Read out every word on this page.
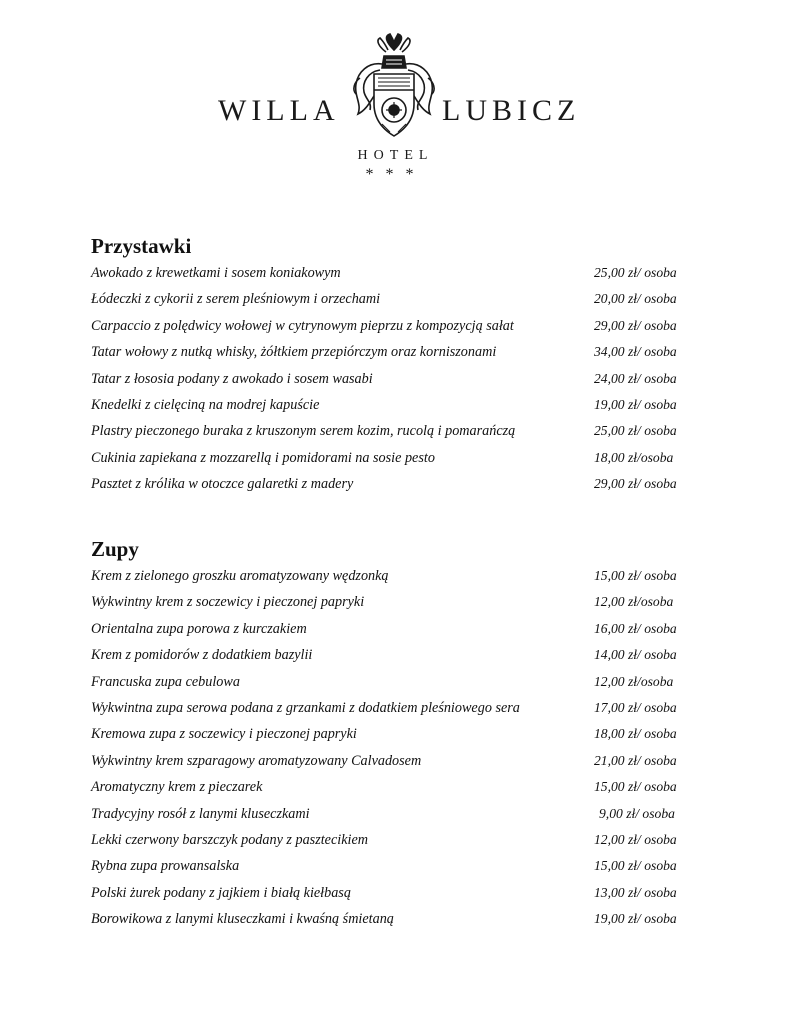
WILLA	LUBICZ
HOTEL
***
Przystawki
Awokado z krewetkami i sosem koniakowym	25,00 zł/ osoba
Łódeczki z cykorii z serem pleśniowym i orzechami	20,00 zł/ osoba
Carpaccio z polędwicy wołowej w cytrynowym pieprzu z kompozycją sałat	29,00 zł/ osoba
Tatar wołowy z nutką whisky, żółtkiem przepiórczym oraz korniszonami	34,00 zł/ osoba
Tatar z łososia podany z awokado i sosem wasabi	24,00 zł/ osoba
Knedelki z cielęciną na modrej kapuście	19,00 zł/ osoba
Plastry pieczonego buraka z kruszonym serem kozim, rucolą i pomarańczą	25,00 zł/ osoba
Cukinia zapiekana z mozzarellą i pomidorami na sosie pesto	18,00 zł/osoba
Pasztet z królika w otoczce galaretki z madery	29,00 zł/ osoba
Zupy
Krem z zielonego groszku aromatyzowany wędzonką	15,00 zł/ osoba
Wykwintny krem z soczewicy i pieczonej papryki	12,00 zł/osoba
Orientalna zupa porowa z kurczakiem	16,00 zł/ osoba
Krem z pomidorów z dodatkiem bazylii	14,00 zł/ osoba
Francuska zupa cebulowa	12,00 zł/osoba
Wykwintna zupa serowa podana z grzankami z dodatkiem pleśniowego sera	17,00 zł/ osoba
Kremowa zupa z soczewicy i pieczonej papryki	18,00 zł/ osoba
Wykwintny krem szparagowy aromatyzowany Calvadosem	21,00 zł/ osoba
Aromatyczny krem z pieczarek	15,00 zł/ osoba
Tradycyjny rosół z lanymi kluseczkami	9,00 zł/ osoba
Lekki czerwony barszczyk podany z pasztecikiem	12,00 zł/ osoba
Rybna zupa prowansalska	15,00 zł/ osoba
Polski żurek podany z jajkiem i białą kiełbasą	13,00 zł/ osoba
Borowikowa z lanymi kluseczkami i kwaśną śmietaną	19,00 zł/ osoba
